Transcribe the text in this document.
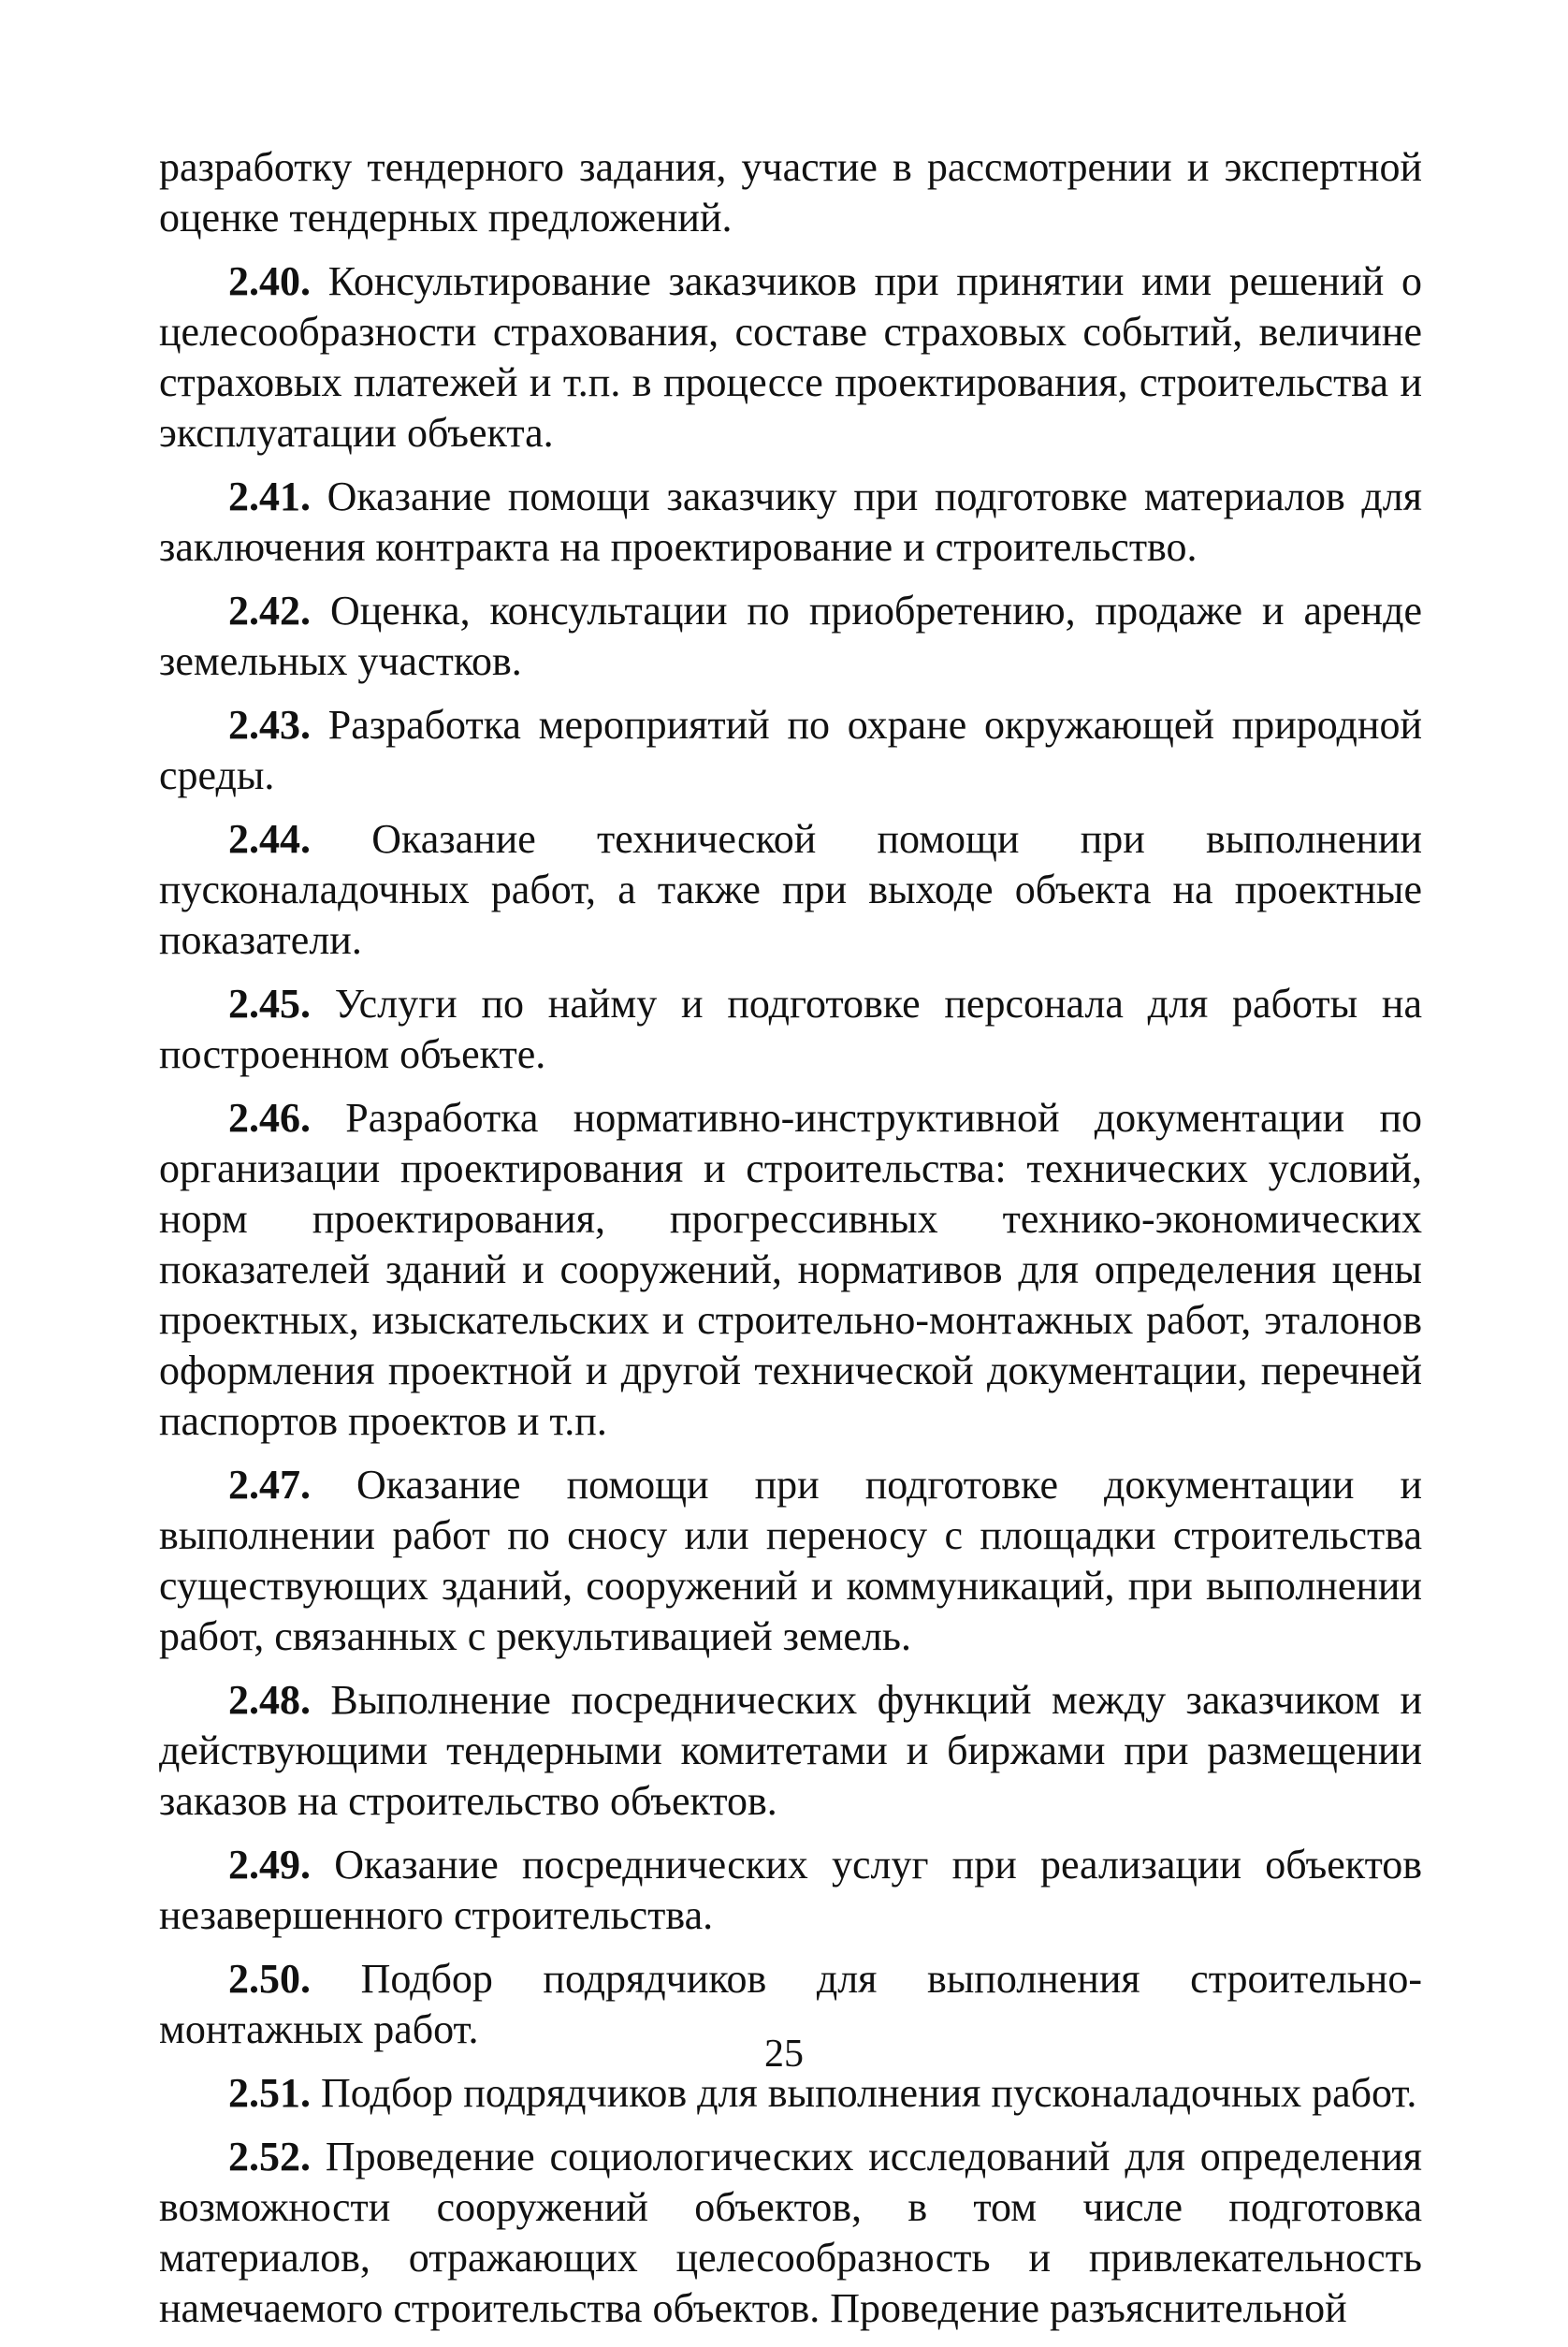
разработку тендерного задания, участие в рассмотрении и экспертной оценке тендерных предложений.

2.40. Консультирование заказчиков при принятии ими решений о целесообразности страхования, составе страховых событий, величине страховых платежей и т.п. в процессе проектирования, строительства и эксплуатации объекта.

2.41. Оказание помощи заказчику при подготовке материалов для заключения контракта на проектирование и строительство.

2.42. Оценка, консультации по приобретению, продаже и аренде земельных участков.

2.43. Разработка мероприятий по охране окружающей природной среды.

2.44. Оказание технической помощи при выполнении пусконаладочных работ, а также при выходе объекта на проектные показатели.

2.45. Услуги по найму и подготовке персонала для работы на построенном объекте.

2.46. Разработка нормативно-инструктивной документации по организации проектирования и строительства: технических условий, норм проектирования, прогрессивных технико-экономических показателей зданий и сооружений, нормативов для определения цены проектных, изыскательских и строительно-монтажных работ, эталонов оформления проектной и другой технической документации, перечней паспортов проектов и т.п.

2.47. Оказание помощи при подготовке документации и выполнении работ по сносу или переносу с площадки строительства существующих зданий, сооружений и коммуникаций, при выполнении работ, связанных с рекультивацией земель.

2.48. Выполнение посреднических функций между заказчиком и действующими тендерными комитетами и биржами при размещении заказов на строительство объектов.

2.49. Оказание посреднических услуг при реализации объектов незавершенного строительства.

2.50. Подбор подрядчиков для выполнения строительно-монтажных работ.

2.51. Подбор подрядчиков для выполнения пусконаладочных работ.

2.52. Проведение социологических исследований для определения возможности сооружений объектов, в том числе подготовка материалов, отражающих целесообразность и привлекательность намечаемого строительства объектов. Проведение разъяснительной

25
